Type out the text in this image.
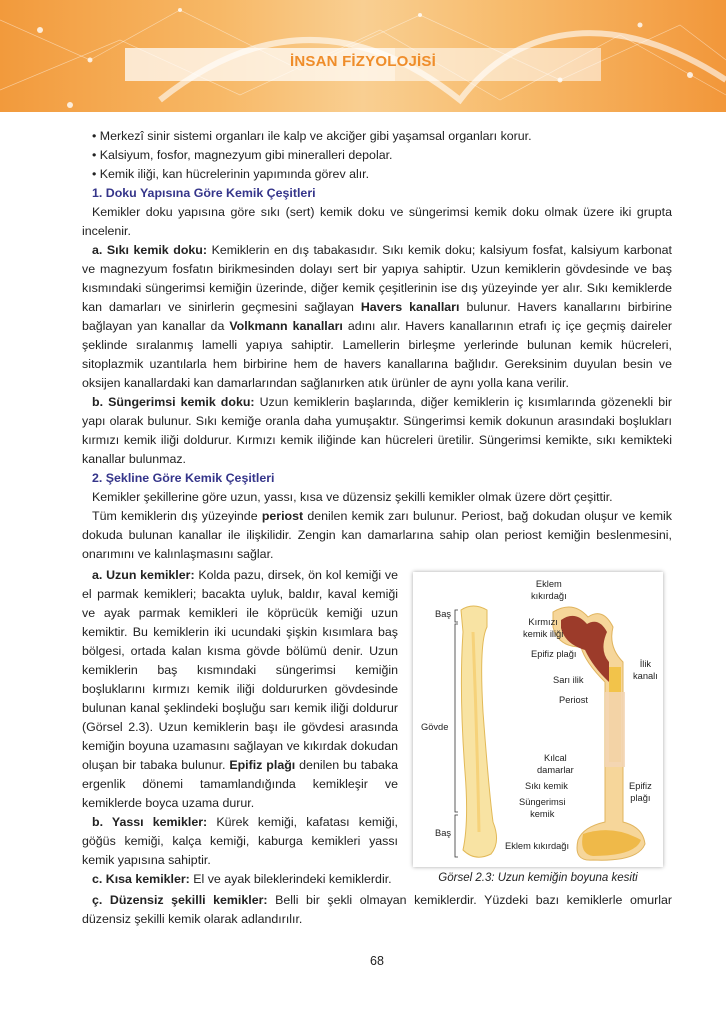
İNSAN FİZYOLOJİSİ

• Merkezî sinir sistemi organları ile kalp ve akciğer gibi yaşamsal organları korur.

• Kalsiyum, fosfor, magnezyum gibi mineralleri depolar.

• Kemik iliği, kan hücrelerinin yapımında görev alır.

1. Doku Yapısına Göre Kemik Çeşitleri

Kemikler doku yapısına göre sıkı (sert) kemik doku ve süngerimsi kemik doku olmak üzere iki grupta incelenir.

a. Sıkı kemik doku: Kemiklerin en dış tabakasıdır. Sıkı kemik doku; kalsiyum fosfat, kalsiyum karbonat ve magnezyum fosfatın birikmesinden dolayı sert bir yapıya sahiptir. Uzun kemiklerin gövdesinde ve baş kısmındaki süngerimsi kemiğin üzerinde, diğer kemik çeşitlerinin ise dış yüzeyinde yer alır. Sıkı kemiklerde kan damarları ve sinirlerin geçmesini sağlayan Havers kanalları bulunur. Havers kanallarını birbirine bağlayan yan kanallar da Volkmann kanalları adını alır. Havers kanallarının etrafı iç içe geçmiş daireler şeklinde sıralanmış lamelli yapıya sahiptir. Lamellerin birleşme yerlerinde bulunan kemik hücreleri, sitoplazmik uzantılarla hem birbirine hem de havers kanallarına bağlıdır. Gereksinim duyulan besin ve oksijen kanallardaki kan damarlarından sağlanırken atık ürünler de aynı yolla kana verilir.

b. Süngerimsi kemik doku: Uzun kemiklerin başlarında, diğer kemiklerin iç kısımlarında gözenekli bir yapı olarak bulunur. Sıkı kemiğe oranla daha yumuşaktır. Süngerimsi kemik dokunun arasındaki boşlukları kırmızı kemik iliği doldurur. Kırmızı kemik iliğinde kan hücreleri üretilir. Süngerimsi kemikte, sıkı kemikteki kanallar bulunmaz.

2. Şekline Göre Kemik Çeşitleri

Kemikler şekillerine göre uzun, yassı, kısa ve düzensiz şekilli kemikler olmak üzere dört çeşittir.

Tüm kemiklerin dış yüzeyinde periost denilen kemik zarı bulunur. Periost, bağ dokudan oluşur ve kemik dokuda bulunan kanallar ile ilişkilidir. Zengin kan damarlarına sahip olan periost kemiğin beslenmesini, onarımını ve kalınlaşmasını sağlar.

a. Uzun kemikler: Kolda pazu, dirsek, ön kol kemiği ve el parmak kemikleri; bacakta uyluk, baldır, kaval kemiği ve ayak parmak kemikleri ile köprücük kemiği uzun kemiktir. Bu kemiklerin iki ucundaki şişkin kısımlara baş bölgesi, ortada kalan kısma gövde bölümü denir. Uzun kemiklerin baş kısmındaki süngerimsi kemiğin boşluklarını kırmızı kemik iliği doldururken gövdesinde bulunan kanal şeklindeki boşluğu sarı kemik iliği doldurur (Görsel 2.3). Uzun kemiklerin başı ile gövdesi arasında kemiğin boyuna uzamasını sağlayan ve kıkırdak dokudan oluşan bir tabaka bulunur. Epifiz plağı denilen bu tabaka ergenlik dönemi tamamlandığında kemikleşir ve kemiklerde boyca uzama durur.

b. Yassı kemikler: Kürek kemiği, kafatası kemiği, göğüs kemiği, kalça kemiği, kaburga kemikleri yassı kemik yapısına sahiptir.

c. Kısa kemikler: El ve ayak bileklerindeki kemiklerdir.

Baş
Gövde
Baş
Eklem
kıkırdağı
Kırmızı
kemik iliği
Epifiz plağı
İlik
kanalı
Sarı ilik
Periost
Kılcal
damarlar
Sıkı kemik
Süngerimsi
kemik
Epifiz
plağı
Eklem kıkırdağı
Görsel 2.3: Uzun kemiğin boyuna kesiti

ç. Düzensiz şekilli kemikler: Belli bir şekli olmayan kemiklerdir. Yüzdeki bazı kemiklerle omurlar düzensiz şekilli kemik olarak adlandırılır.

68
